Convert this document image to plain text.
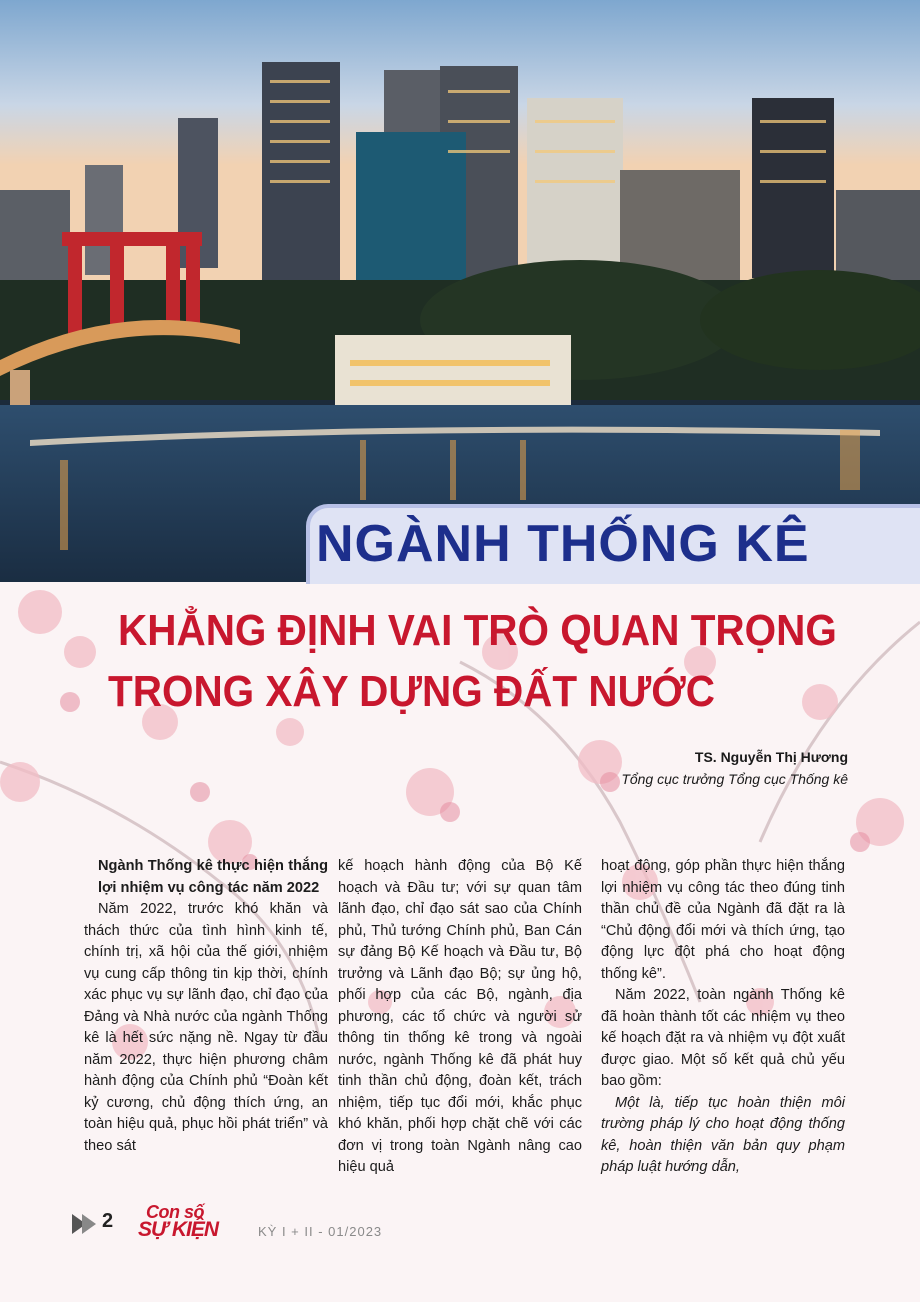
NGÀNH THỐNG KÊ
KHẲNG ĐỊNH VAI TRÒ QUAN TRỌNG
TRONG XÂY DỰNG ĐẤT NƯỚC
TS. Nguyễn Thị Hương
Tổng cục trưởng Tổng cục Thống kê

Ngành Thống kê thực hiện thắng lợi nhiệm vụ công tác năm 2022

Năm 2022, trước khó khăn và thách thức của tình hình kinh tế, chính trị, xã hội của thế giới, nhiệm vụ cung cấp thông tin kịp thời, chính xác phục vụ sự lãnh đạo, chỉ đạo của Đảng và Nhà nước của ngành Thống kê là hết sức nặng nề. Ngay từ đầu năm 2022, thực hiện phương châm hành động của Chính phủ “Đoàn kết kỷ cương, chủ động thích ứng, an toàn hiệu quả, phục hồi phát triển” và theo sát

kế hoạch hành động của Bộ Kế hoạch và Đầu tư; với sự quan tâm lãnh đạo, chỉ đạo sát sao của Chính phủ, Thủ tướng Chính phủ, Ban Cán sự đảng Bộ Kế hoạch và Đầu tư, Bộ trưởng và Lãnh đạo Bộ; sự ủng hộ, phối hợp của các Bộ, ngành, địa phương, các tổ chức và người sử thông tin thống kê trong và ngoài nước, ngành Thống kê đã phát huy tinh thần chủ động, đoàn kết, trách nhiệm, tiếp tục đổi mới, khắc phục khó khăn, phối hợp chặt chẽ với các đơn vị trong toàn Ngành nâng cao hiệu quả

hoạt động, góp phần thực hiện thắng lợi nhiệm vụ công tác theo đúng tinh thần chủ đề của Ngành đã đặt ra là “Chủ động đổi mới và thích ứng, tạo động lực đột phá cho hoạt động thống kê”.

Năm 2022, toàn ngành Thống kê đã hoàn thành tốt các nhiệm vụ theo kế hoạch đặt ra và nhiệm vụ đột xuất được giao. Một số kết quả chủ yếu bao gồm:

Một là, tiếp tục hoàn thiện môi trường pháp lý cho hoạt động thống kê, hoàn thiện văn bản quy phạm pháp luật hướng dẫn,

2 Con số
SỰ KIỆN	KỲ I + II - 01/2023
